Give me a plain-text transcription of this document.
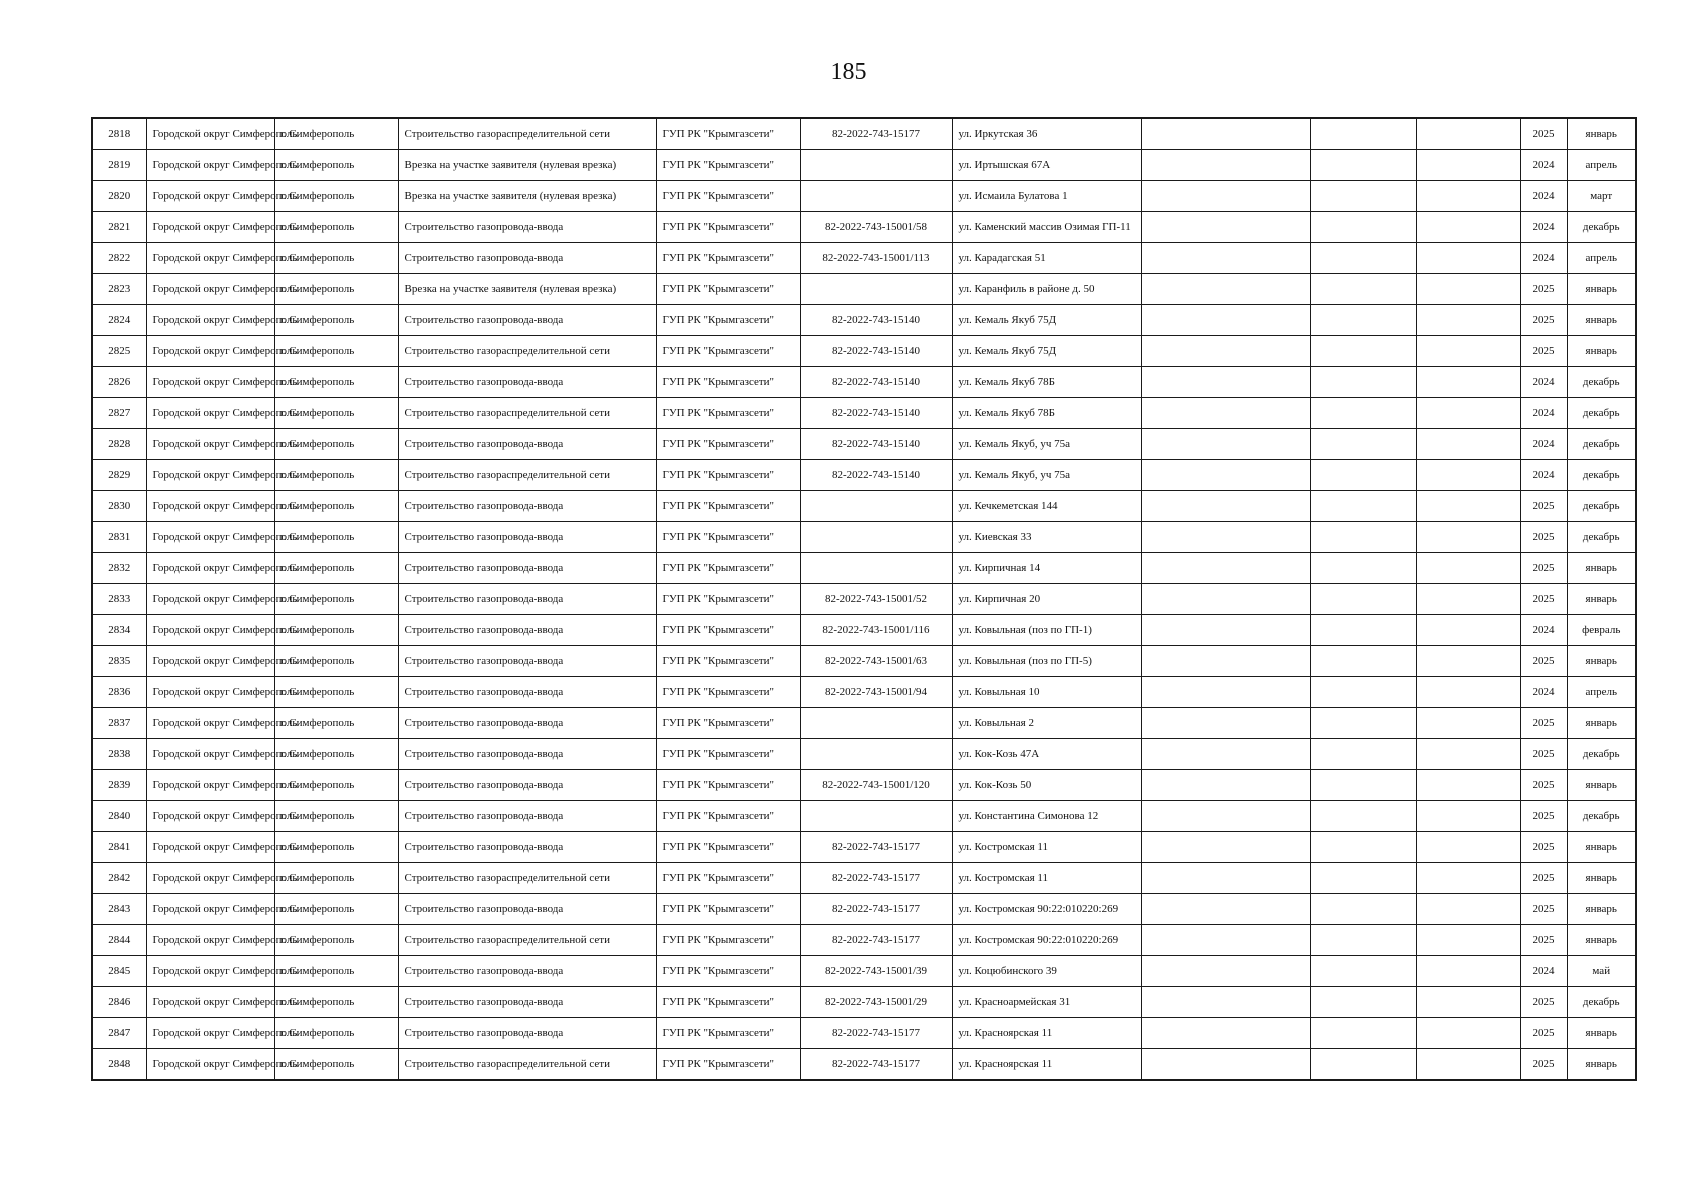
185
2818	Городской округ Симферополь	г. Симферополь	Строительство газораспределительной сети	ГУП РК "Крымгазсети"	82-2022-743-15177	ул. Иркутская 36				2025	январь
2819	Городской округ Симферополь	г. Симферополь	Врезка на участке заявителя (нулевая врезка)	ГУП РК "Крымгазсети"		ул. Иртышская 67А				2024	апрель
2820	Городской округ Симферополь	г. Симферополь	Врезка на участке заявителя (нулевая врезка)	ГУП РК "Крымгазсети"		ул. Исмаила Булатова 1				2024	март
2821	Городской округ Симферополь	г. Симферополь	Строительство газопровода-ввода	ГУП РК "Крымгазсети"	82-2022-743-15001/58	ул. Каменский массив Озимая ГП-11				2024	декабрь
2822	Городской округ Симферополь	г. Симферополь	Строительство газопровода-ввода	ГУП РК "Крымгазсети"	82-2022-743-15001/113	ул. Карадагская 51				2024	апрель
2823	Городской округ Симферополь	г. Симферополь	Врезка на участке заявителя (нулевая врезка)	ГУП РК "Крымгазсети"		ул. Каранфиль в районе д. 50				2025	январь
2824	Городской округ Симферополь	г. Симферополь	Строительство газопровода-ввода	ГУП РК "Крымгазсети"	82-2022-743-15140	ул. Кемаль Якуб 75Д				2025	январь
2825	Городской округ Симферополь	г. Симферополь	Строительство газораспределительной сети	ГУП РК "Крымгазсети"	82-2022-743-15140	ул. Кемаль Якуб 75Д				2025	январь
2826	Городской округ Симферополь	г. Симферополь	Строительство газопровода-ввода	ГУП РК "Крымгазсети"	82-2022-743-15140	ул. Кемаль Якуб 78Б				2024	декабрь
2827	Городской округ Симферополь	г. Симферополь	Строительство газораспределительной сети	ГУП РК "Крымгазсети"	82-2022-743-15140	ул. Кемаль Якуб 78Б				2024	декабрь
2828	Городской округ Симферополь	г. Симферополь	Строительство газопровода-ввода	ГУП РК "Крымгазсети"	82-2022-743-15140	ул. Кемаль Якуб, уч 75а				2024	декабрь
2829	Городской округ Симферополь	г. Симферополь	Строительство газораспределительной сети	ГУП РК "Крымгазсети"	82-2022-743-15140	ул. Кемаль Якуб, уч 75а				2024	декабрь
2830	Городской округ Симферополь	г. Симферополь	Строительство газопровода-ввода	ГУП РК "Крымгазсети"		ул. Кечкеметская 144				2025	декабрь
2831	Городской округ Симферополь	г. Симферополь	Строительство газопровода-ввода	ГУП РК "Крымгазсети"		ул. Киевская 33				2025	декабрь
2832	Городской округ Симферополь	г. Симферополь	Строительство газопровода-ввода	ГУП РК "Крымгазсети"		ул. Кирпичная 14				2025	январь
2833	Городской округ Симферополь	г. Симферополь	Строительство газопровода-ввода	ГУП РК "Крымгазсети"	82-2022-743-15001/52	ул. Кирпичная 20				2025	январь
2834	Городской округ Симферополь	г. Симферополь	Строительство газопровода-ввода	ГУП РК "Крымгазсети"	82-2022-743-15001/116	ул. Ковыльная (поз по ГП-1)				2024	февраль
2835	Городской округ Симферополь	г. Симферополь	Строительство газопровода-ввода	ГУП РК "Крымгазсети"	82-2022-743-15001/63	ул. Ковыльная (поз по ГП-5)				2025	январь
2836	Городской округ Симферополь	г. Симферополь	Строительство газопровода-ввода	ГУП РК "Крымгазсети"	82-2022-743-15001/94	ул. Ковыльная 10				2024	апрель
2837	Городской округ Симферополь	г. Симферополь	Строительство газопровода-ввода	ГУП РК "Крымгазсети"		ул. Ковыльная 2				2025	январь
2838	Городской округ Симферополь	г. Симферополь	Строительство газопровода-ввода	ГУП РК "Крымгазсети"		ул. Кок-Козь 47А				2025	декабрь
2839	Городской округ Симферополь	г. Симферополь	Строительство газопровода-ввода	ГУП РК "Крымгазсети"	82-2022-743-15001/120	ул. Кок-Козь 50				2025	январь
2840	Городской округ Симферополь	г. Симферополь	Строительство газопровода-ввода	ГУП РК "Крымгазсети"		ул. Константина Симонова 12				2025	декабрь
2841	Городской округ Симферополь	г. Симферополь	Строительство газопровода-ввода	ГУП РК "Крымгазсети"	82-2022-743-15177	ул. Костромская 11				2025	январь
2842	Городской округ Симферополь	г. Симферополь	Строительство газораспределительной сети	ГУП РК "Крымгазсети"	82-2022-743-15177	ул. Костромская 11				2025	январь
2843	Городской округ Симферополь	г. Симферополь	Строительство газопровода-ввода	ГУП РК "Крымгазсети"	82-2022-743-15177	ул. Костромская 90:22:010220:269				2025	январь
2844	Городской округ Симферополь	г. Симферополь	Строительство газораспределительной сети	ГУП РК "Крымгазсети"	82-2022-743-15177	ул. Костромская 90:22:010220:269				2025	январь
2845	Городской округ Симферополь	г. Симферополь	Строительство газопровода-ввода	ГУП РК "Крымгазсети"	82-2022-743-15001/39	ул. Коцюбинского 39				2024	май
2846	Городской округ Симферополь	г. Симферополь	Строительство газопровода-ввода	ГУП РК "Крымгазсети"	82-2022-743-15001/29	ул. Красноармейская 31				2025	декабрь
2847	Городской округ Симферополь	г. Симферополь	Строительство газопровода-ввода	ГУП РК "Крымгазсети"	82-2022-743-15177	ул. Красноярская 11				2025	январь
2848	Городской округ Симферополь	г. Симферополь	Строительство газораспределительной сети	ГУП РК "Крымгазсети"	82-2022-743-15177	ул. Красноярская 11				2025	январь
